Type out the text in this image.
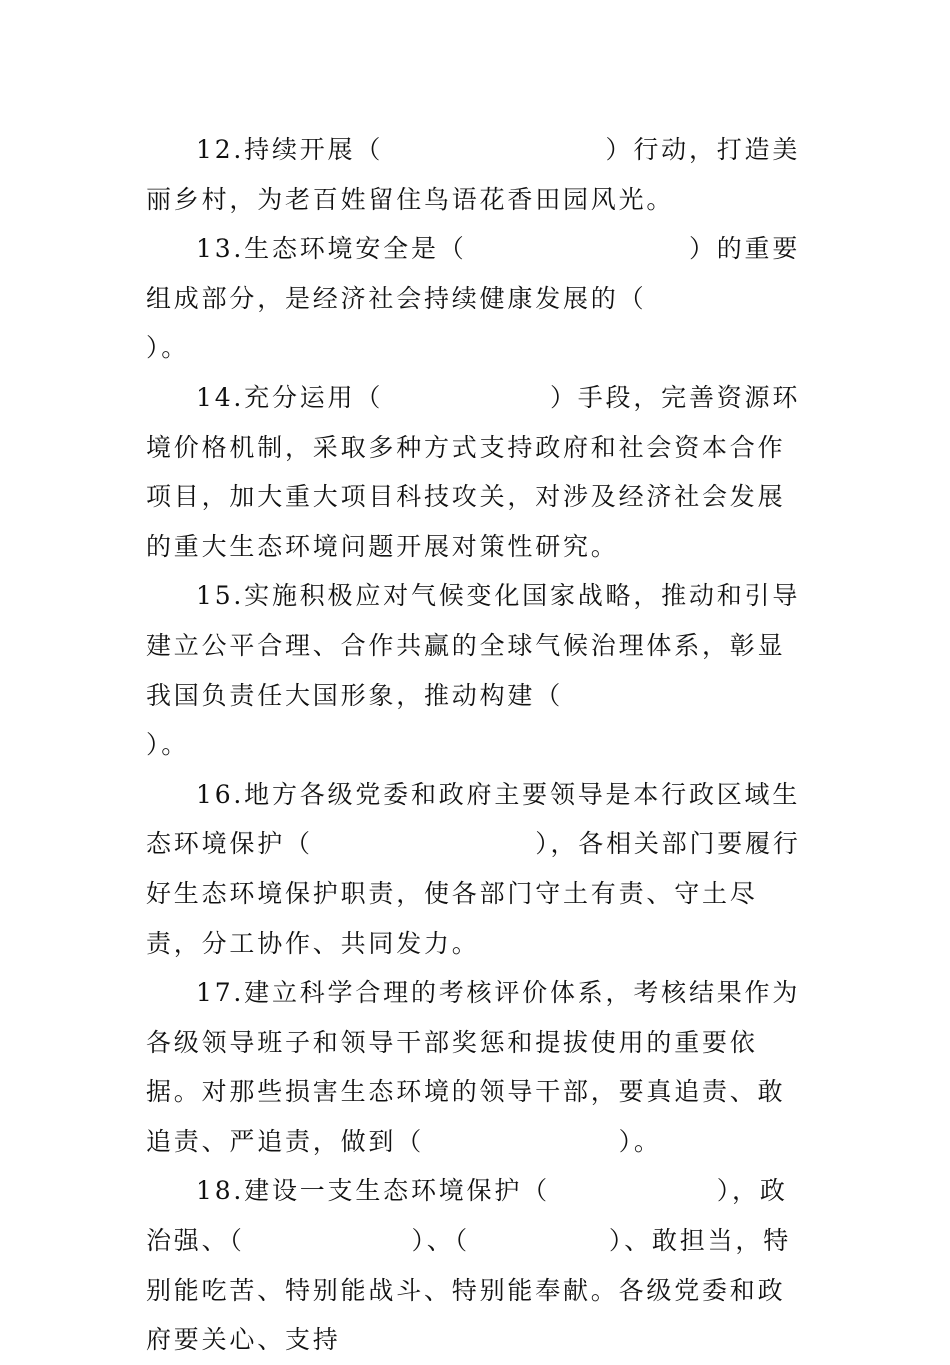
12.持续开展（　　　　　　　　）行动，打造美丽乡村，为老百姓留住鸟语花香田园风光。

13.生态环境安全是（　　　　　　　　）的重要组成部分，是经济社会持续健康发展的（　　　　　　　）。

14.充分运用（　　　　　　）手段，完善资源环境价格机制，采取多种方式支持政府和社会资本合作项目，加大重大项目科技攻关，对涉及经济社会发展的重大生态环境问题开展对策性研究。

15.实施积极应对气候变化国家战略，推动和引导建立公平合理、合作共赢的全球气候治理体系，彰显我国负责任大国形象，推动构建（　　　　　　　　）。

16.地方各级党委和政府主要领导是本行政区域生态环境保护（　　　　　　　　），各相关部门要履行好生态环境保护职责，使各部门守土有责、守土尽责，分工协作、共同发力。

17.建立科学合理的考核评价体系，考核结果作为各级领导班子和领导干部奖惩和提拔使用的重要依据。对那些损害生态环境的领导干部，要真追责、敢追责、严追责，做到（　　　　　　　）。

18.建设一支生态环境保护（　　　　　　），政治强、（　　　　　　）、（　　　　　）、敢担当，特别能吃苦、特别能战斗、特别能奉献。各级党委和政府要关心、支持
